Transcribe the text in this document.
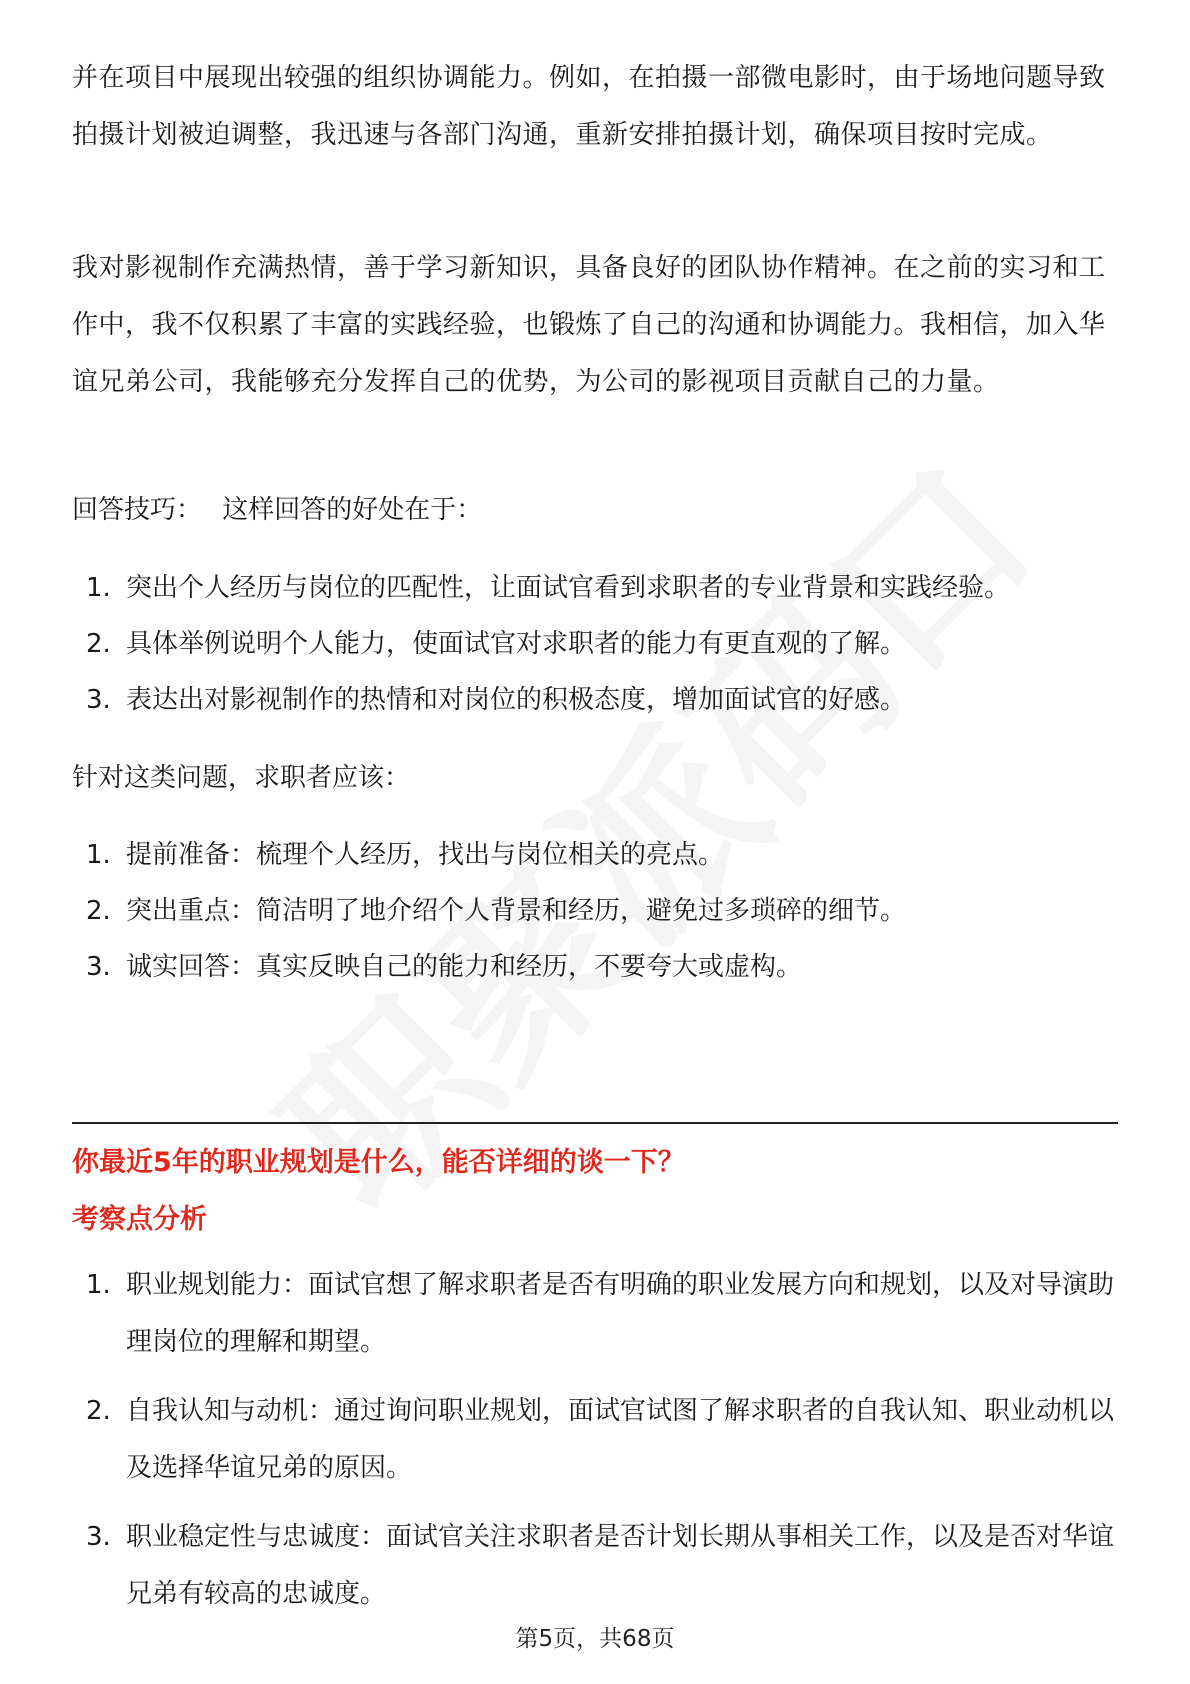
并在项目中展现出较强的组织协调能力。例如，在拍摄一部微电影时，由于场地问题导致拍摄计划被迫调整，我迅速与各部门沟通，重新安排拍摄计划，确保项目按时完成。

我对影视制作充满热情，善于学习新知识，具备良好的团队协作精神。在之前的实习和工作中，我不仅积累了丰富的实践经验，也锻炼了自己的沟通和协调能力。我相信，加入华谊兄弟公司，我能够充分发挥自己的优势，为公司的影视项目贡献自己的力量。

回答技巧： 这样回答的好处在于：

1. 突出个人经历与岗位的匹配性，让面试官看到求职者的专业背景和实践经验。
2. 具体举例说明个人能力，使面试官对求职者的能力有更直观的了解。
3. 表达出对影视制作的热情和对岗位的积极态度，增加面试官的好感。

针对这类问题，求职者应该：

1. 提前准备：梳理个人经历，找出与岗位相关的亮点。
2. 突出重点：简洁明了地介绍个人背景和经历，避免过多琐碎的细节。
3. 诚实回答：真实反映自己的能力和经历，不要夸大或虚构。
你最近5年的职业规划是什么，能否详细的谈一下？
考察点分析
1. 职业规划能力：面试官想了解求职者是否有明确的职业发展方向和规划，以及对导演助理岗位的理解和期望。
2. 自我认知与动机：通过询问职业规划，面试官试图了解求职者的自我认知、职业动机以及选择华谊兄弟的原因。
3. 职业稳定性与忠诚度：面试官关注求职者是否计划长期从事相关工作，以及是否对华谊兄弟有较高的忠诚度。
第5页，共68页
